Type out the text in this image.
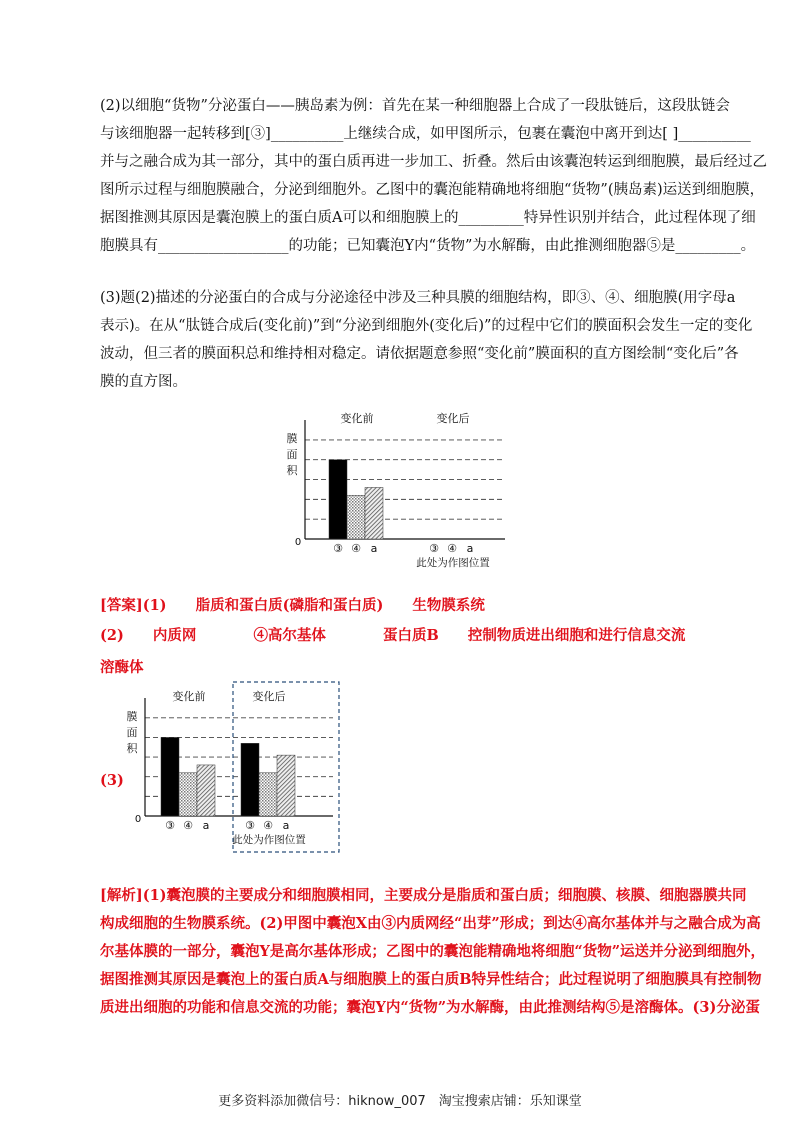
(2)以细胞“货物”分泌蛋白——胰岛素为例：首先在某一种细胞器上合成了一段肽链后，这段肽链会
与该细胞器一起转移到[③]__________上继续合成，如甲图所示，包裹在囊泡中离开到达[ ]__________
并与之融合成为其一部分，其中的蛋白质再进一步加工、折叠。然后由该囊泡转运到细胞膜，最后经过乙
图所示过程与细胞膜融合，分泌到细胞外。乙图中的囊泡能精确地将细胞“货物”(胰岛素)运送到细胞膜，
据图推测其原因是囊泡膜上的蛋白质A可以和细胞膜上的_________特异性识别并结合，此过程体现了细
胞膜具有__________________的功能；已知囊泡Y内“货物”为水解酶，由此推测细胞器⑤是_________。
(3)题(2)描述的分泌蛋白的合成与分泌途径中涉及三种具膜的细胞结构，即③、④、细胞膜(用字母a
表示)。在从“肽链合成后(变化前)”到“分泌到细胞外(变化后)”的过程中它们的膜面积会发生一定的变化
波动，但三者的膜面积总和维持相对稳定。请依据题意参照“变化前”膜面积的直方图绘制“变化后”各
膜的直方图。
膜
面
积
0
变化前
③ ④ a
变化后
③ ④ a
此处为作图位置
[答案](1) 脂质和蛋白质(磷脂和蛋白质) 生物膜系统
(2) 内质网	④高尔基体	蛋白质B 控制物质进出细胞和进行信息交流
溶酶体
(3)
膜
面
积
0
变化前
③ ④ a
变化后
③ ④ a
此处为作图位置
[解析](1)囊泡膜的主要成分和细胞膜相同，主要成分是脂质和蛋白质；细胞膜、核膜、细胞器膜共同
构成细胞的生物膜系统。(2)甲图中囊泡X由③内质网经“出芽”形成；到达④高尔基体并与之融合成为高
尔基体膜的一部分，囊泡Y是高尔基体形成；乙图中的囊泡能精确地将细胞“货物”运送并分泌到细胞外，
据图推测其原因是囊泡上的蛋白质A与细胞膜上的蛋白质B特异性结合；此过程说明了细胞膜具有控制物
质进出细胞的功能和信息交流的功能；囊泡Y内“货物”为水解酶，由此推测结构⑤是溶酶体。(3)分泌蛋
更多资料添加微信号：hiknow_007　淘宝搜索店铺：乐知课堂
